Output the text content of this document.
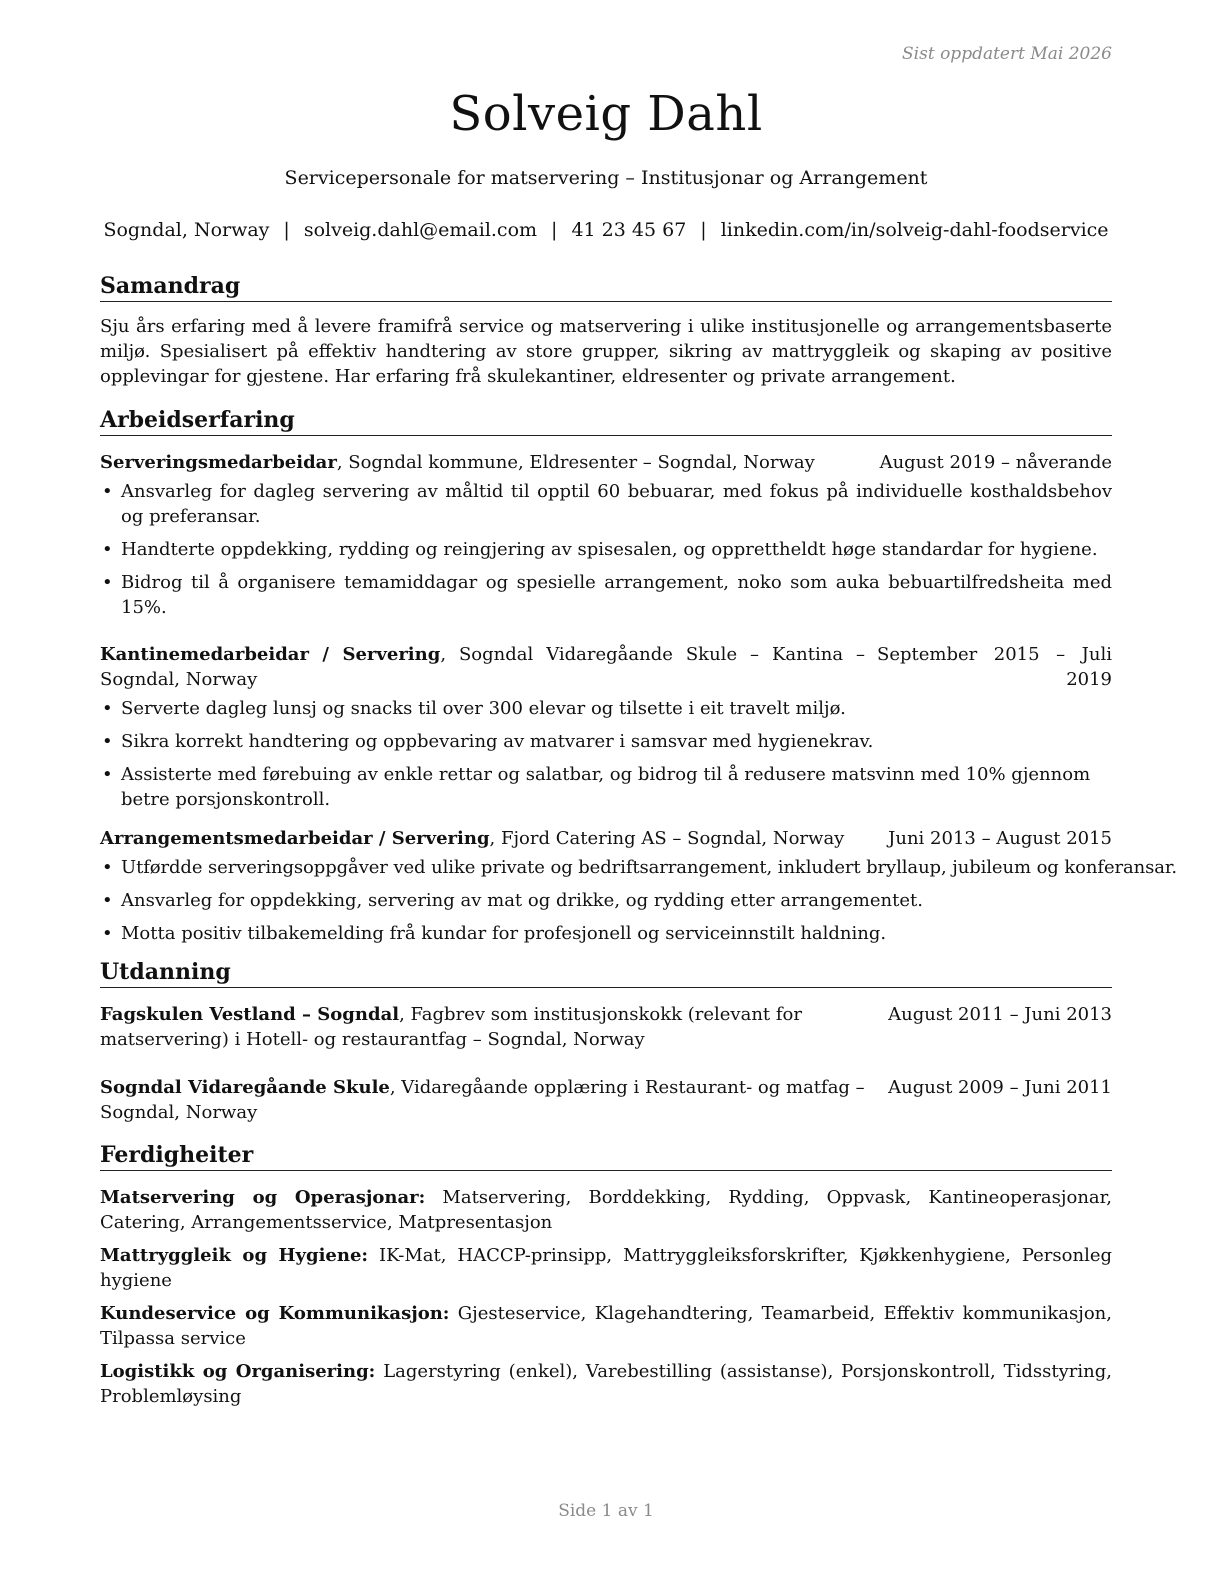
Sist oppdatert Mai 2026
Solveig Dahl
Servicepersonale for matservering – Institusjonar og Arrangement
Sogndal, Norway | solveig.dahl@email.com | 41 23 45 67 | linkedin.com/in/solveig-dahl-foodservice
Samandrag
Sju års erfaring med å levere framifrå service og matservering i ulike institusjonelle og arrangementsbaserte miljø. Spesialisert på effektiv handtering av store grupper, sikring av mattryggleik og skaping av positive opplevingar for gjestene. Har erfaring frå skulekantiner, eldresenter og private arrangement.
Arbeidserfaring
Serveringsmedarbeidar, Sogndal kommune, Eldresenter – Sogndal, Norway	August 2019 – nåverande
• Ansvarleg for dagleg servering av måltid til opptil 60 bebuarar, med fokus på individuelle kosthaldsbehov og preferansar.
• Handterte oppdekking, rydding og reingjering av spisesalen, og opprettheldt høge standardar for hygiene.
• Bidrog til å organisere temamiddagar og spesielle arrangement, noko som auka bebuartilfredsheita med 15%.
Kantinemedarbeidar / Servering, Sogndal Vidaregåande Skule – Kantina – Sogndal, Norway
September 2015 – Juli
2019
• Serverte dagleg lunsj og snacks til over 300 elevar og tilsette i eit travelt miljø.
• Sikra korrekt handtering og oppbevaring av matvarer i samsvar med hygienekrav.
• Assisterte med førebuing av enkle rettar og salatbar, og bidrog til å redusere matsvinn med 10% gjennom betre porsjonskontroll.
Arrangementsmedarbeidar / Servering, Fjord Catering AS – Sogndal, Norway	Juni 2013 – August 2015
• Utførdde serveringsoppgåver ved ulike private og bedriftsarrangement, inkludert bryllaup, jubileum og konferansar.
• Ansvarleg for oppdekking, servering av mat og drikke, og rydding etter arrangementet.
• Motta positiv tilbakemelding frå kundar for profesjonell og serviceinnstilt haldning.
Utdanning
Fagskulen Vestland – Sogndal, Fagbrev som institusjonskokk (relevant for matservering) i Hotell- og restaurantfag – Sogndal, Norway
August 2011 – Juni 2013
Sogndal Vidaregåande Skule, Vidaregåande opplæring i Restaurant- og matfag – Sogndal, Norway
August 2009 – Juni 2011
Ferdigheiter
Matservering og Operasjonar: Matservering, Borddekking, Rydding, Oppvask, Kantineoperasjonar, Catering, Arrangementsservice, Matpresentasjon
Mattryggleik og Hygiene: IK-Mat, HACCP-prinsipp, Mattryggleiksforskrifter, Kjøkkenhygiene, Personleg hygiene
Kundeservice og Kommunikasjon: Gjesteservice, Klagehandtering, Teamarbeid, Effektiv kommunikasjon, Tilpassa service
Logistikk og Organisering: Lagerstyring (enkel), Varebestilling (assistanse), Porsjonskontroll, Tidsstyring, Problemløysing
Side 1 av 1
